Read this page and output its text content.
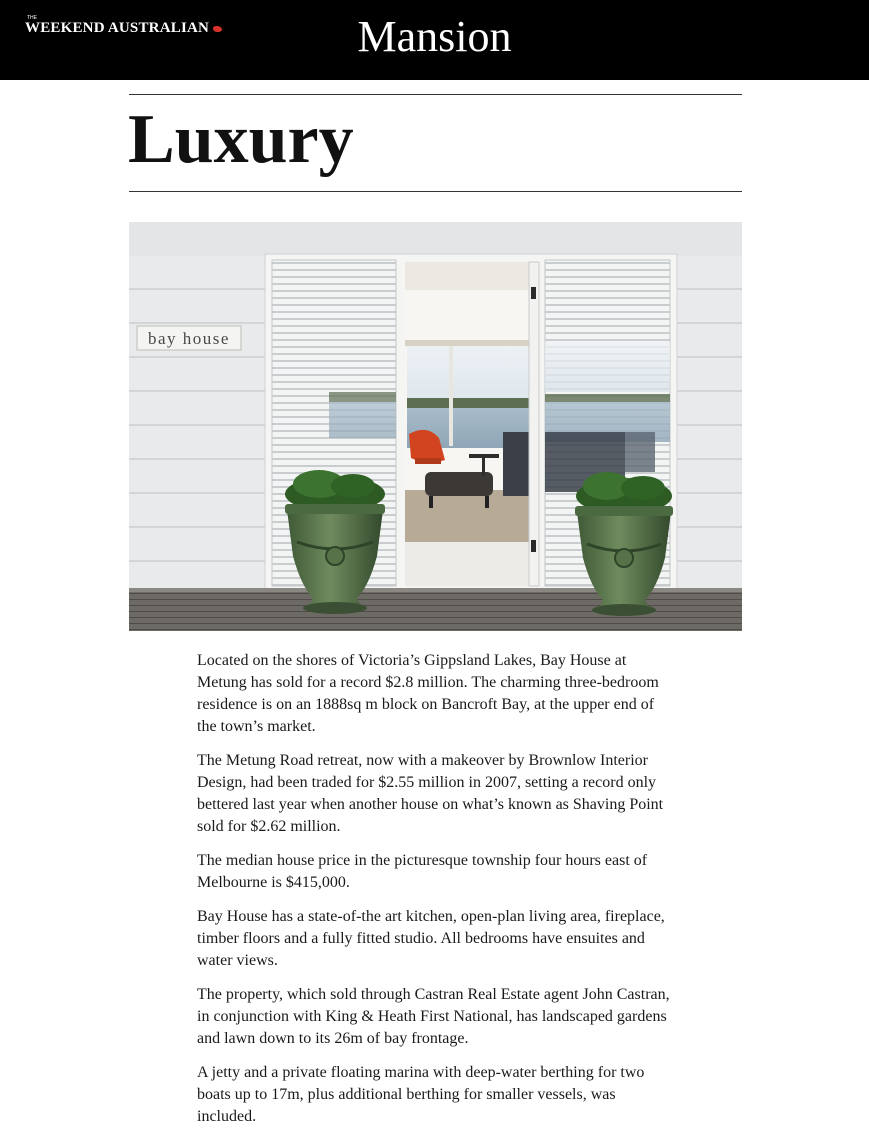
THE
WEEKEND AUSTRALIAN	Mansion
Luxury
bay house

Located on the shores of Victoria’s Gippsland Lakes, Bay House at Metung has sold for a record $2.8 million. The charming three-bedroom residence is on an 1888sq m block on Bancroft Bay, at the upper end of the town’s market.

The Metung Road retreat, now with a makeover by Brownlow Interior Design, had been traded for $2.55 million in 2007, setting a record only bettered last year when another house on what’s known as Shaving Point sold for $2.62 million.

The median house price in the picturesque township four hours east of Melbourne is $415,000.

Bay House has a state-of-the art kitchen, open-plan living area, fireplace, timber floors and a fully fitted studio. All bedrooms have ensuites and water views.

The property, which sold through Castran Real Estate agent John Castran, in conjunction with King & Heath First National, has landscaped gardens and lawn down to its 26m of bay frontage.

A jetty and a private floating marina with deep-water berthing for two boats up to 17m, plus additional berthing for smaller vessels, was included.
